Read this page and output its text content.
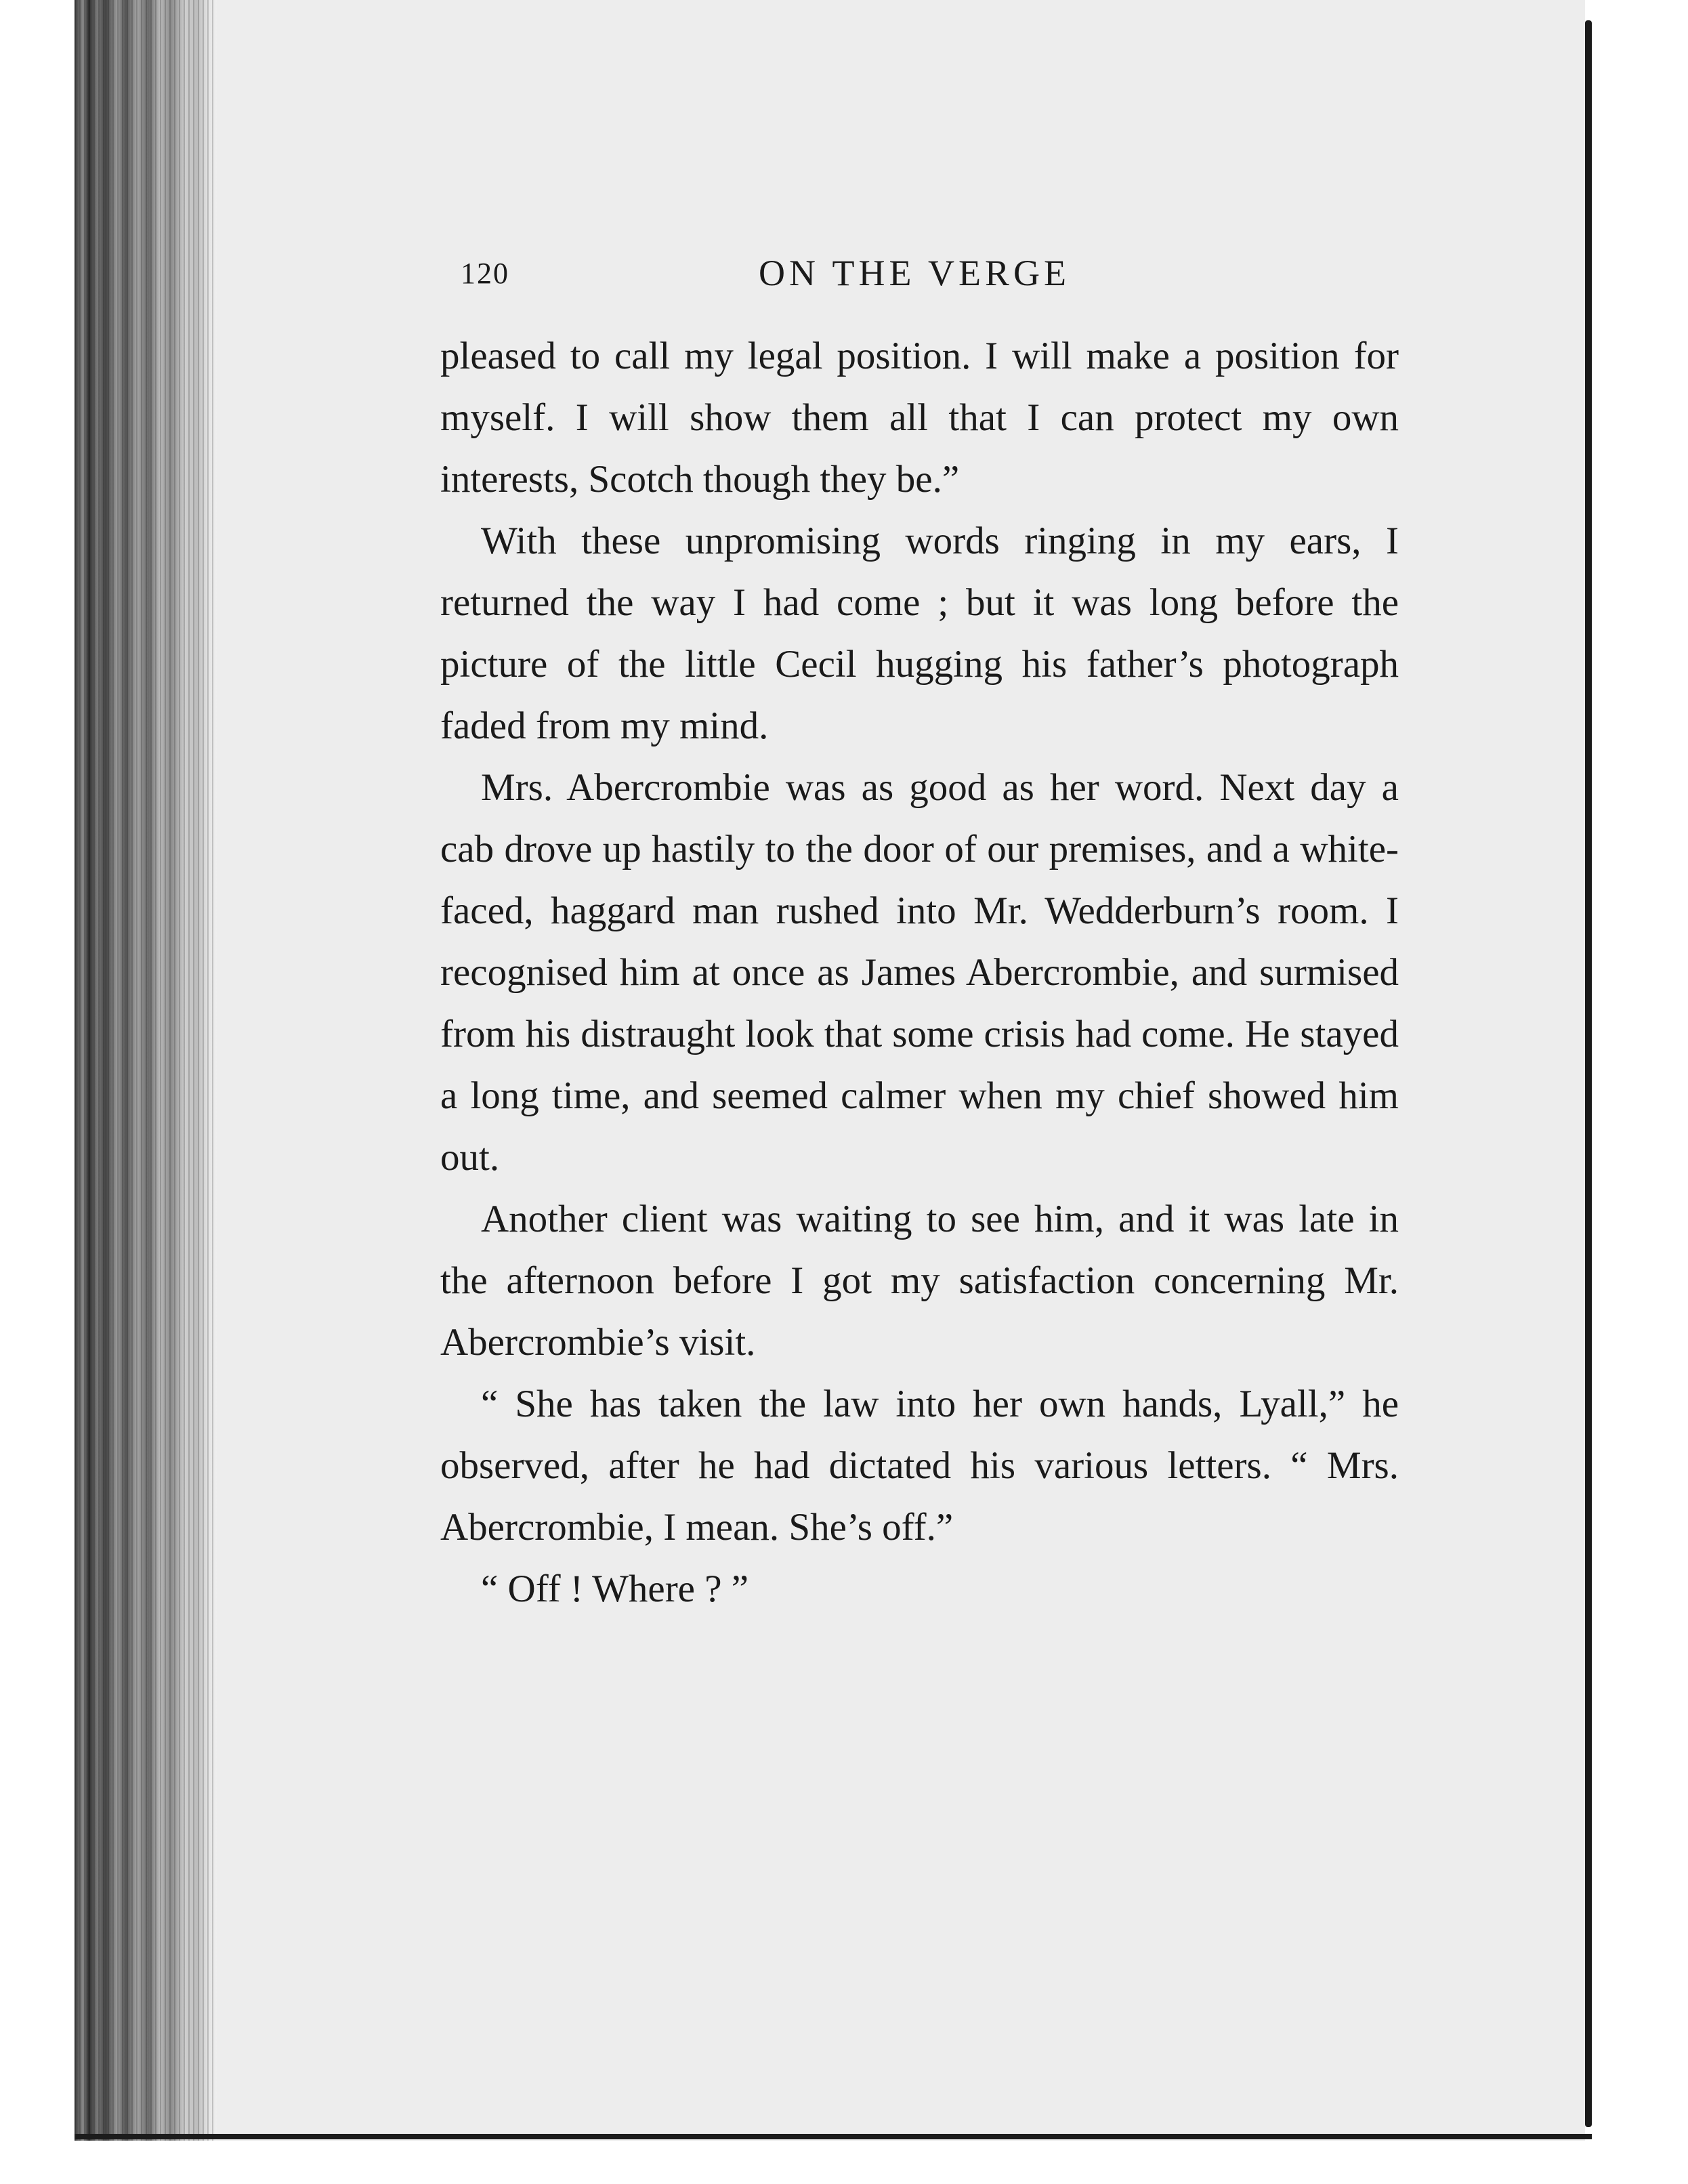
120	ON THE VERGE

pleased to call my legal position. I will make a position for myself. I will show them all that I can protect my own interests, Scotch though they be.”

With these unpromising words ringing in my ears, I returned the way I had come ; but it was long before the picture of the little Cecil hugging his father’s photograph faded from my mind.

Mrs. Abercrombie was as good as her word. Next day a cab drove up hastily to the door of our premises, and a white-faced, haggard man rushed into Mr. Wedderburn’s room. I recognised him at once as James Abercrombie, and surmised from his distraught look that some crisis had come. He stayed a long time, and seemed calmer when my chief showed him out.

Another client was waiting to see him, and it was late in the afternoon before I got my satisfaction concerning Mr. Abercrombie’s visit.

“ She has taken the law into her own hands, Lyall,” he observed, after he had dictated his various letters. “ Mrs. Abercrombie, I mean. She’s off.”

“ Off ! Where ? ”
